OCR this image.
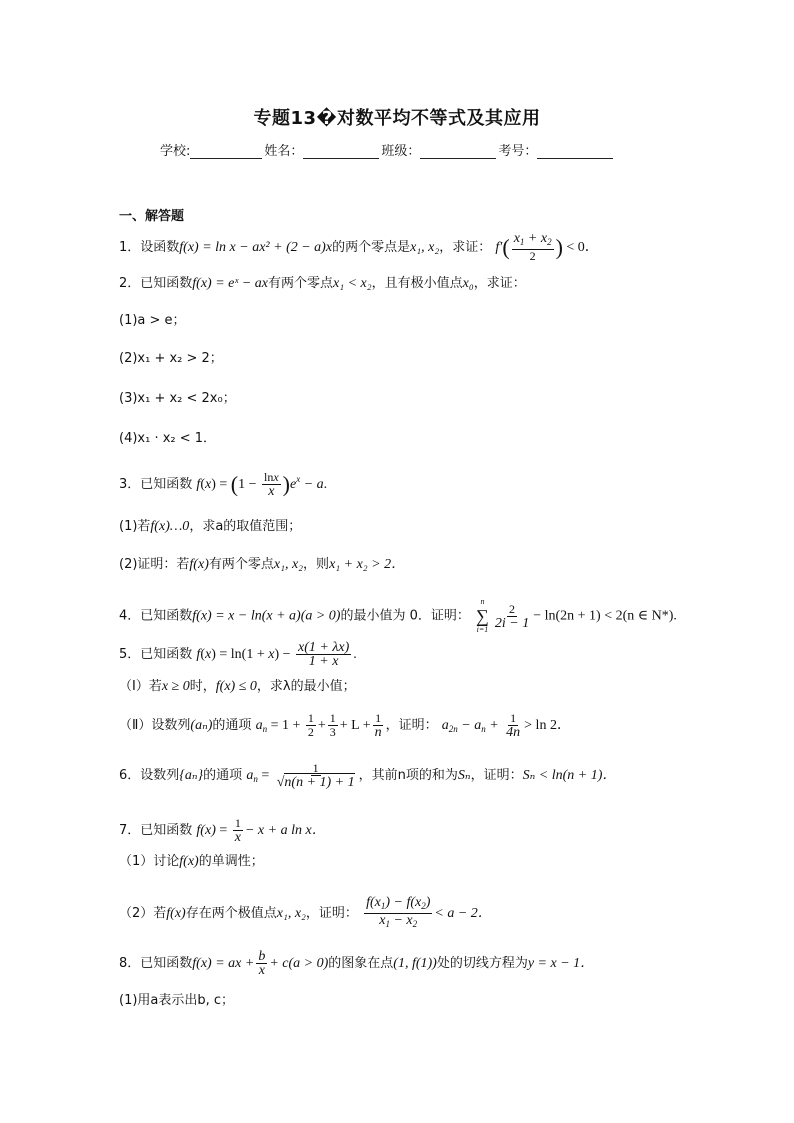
专题13�对数平均不等式及其应用
学校:	姓名：	班级：	考号：
一、解答题
1．设函数f(x) = ln x − ax² + (2 − a)x的两个零点是x₁, x₂，求证： $f'( \frac{x_1 + x_2}{2}$ ) < 0．
2．已知函数f(x) = eˣ − ax有两个零点x₁ < x₂，且有极小值点x₀，求证：
(1)a > e；
(2)x₁ + x₂ > 2；
(3)x₁ + x₂ < 2x₀；
(4)x₁ · x₂ < 1．
3．已知函数 $f(x) = (1 - \frac{\ln x}{x} )e^x - a$.
(1)若f(x)…0，求a的取值范围；
(2)证明：若f(x)有两个零点x₁, x₂，则x₁ + x₂ > 2．
4．已知函数f(x) = x − ln(x + a)(a > 0)的最小值为 0．证明：
n
∑
$i=1 \frac{2}{2i - 1} - \ln(2n + 1) < 2(n$ ∈ N*).
5．已知函数 $f(x) = \ln(1 + x) - \frac{x(1 + \lambda x)}{1 + x}$ .
（Ⅰ）若x ≥ 0时，f(x) ≤ 0，求λ的最小值；
（Ⅱ）设数列(aₙ)的通项 $a_n = 1 + \frac{1}{2} + \frac{1}{3} + L + \frac{1}{n}$ ，证明： $a_{2n} - a_n + \frac{1}{4n} > \ln 2$．
6．设数列{aₙ}的通项 $a_n = \frac{1}{√n(n + 1) + 1}$ ，其前n项的和为Sₙ，证明：Sₙ < ln(n + 1)．
7．已知函数 $f(x) = \frac{1}{x} - x + a$ ln x．
（1）讨论f(x)的单调性；
（2）若f(x)存在两个极值点x₁, x₂，证明： $\frac{f(x_1) - f(x_2)}{x_1 - x_2} < a - 2$．
8．已知函数f(x) = ax + $\frac{b}{x} + c(a > 0)$的图象在点(1, f(1))处的切线方程为y = x − 1．
(1)用a表示出b, c；
